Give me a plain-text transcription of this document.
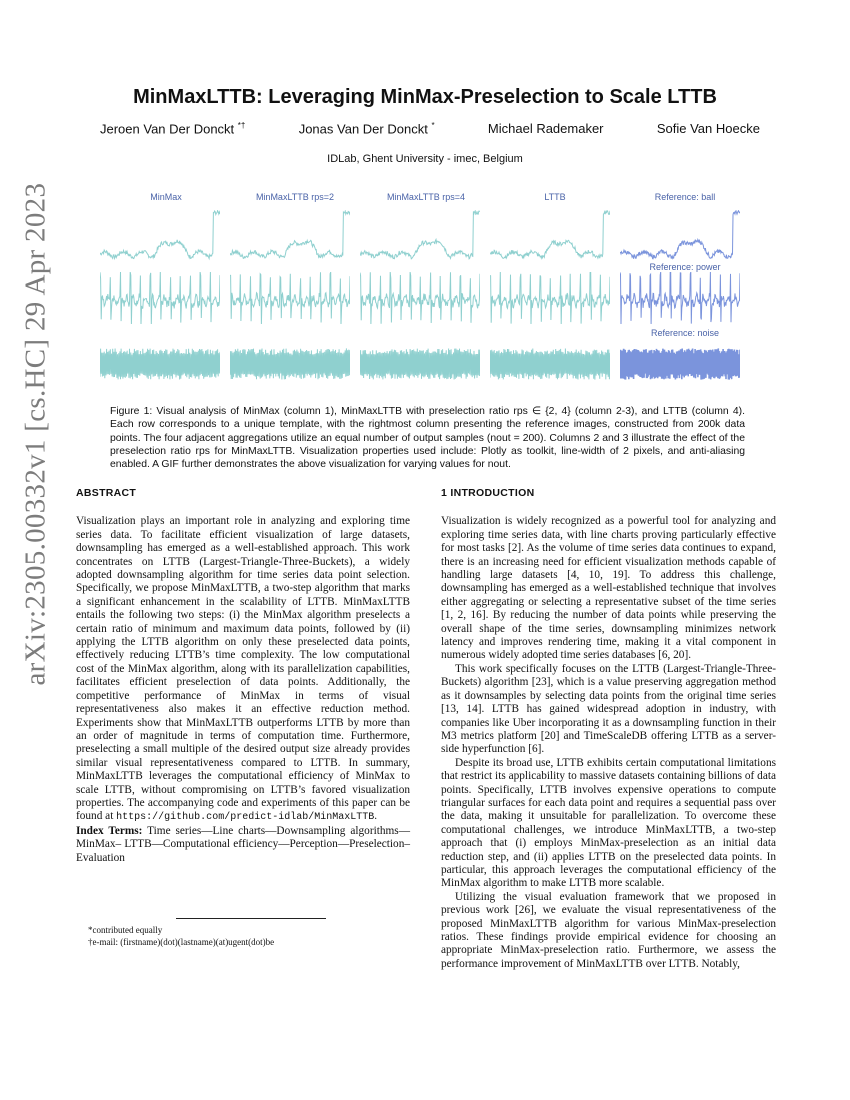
arXiv:2305.00332v1 [cs.HC] 29 Apr 2023
MinMaxLTTB: Leveraging MinMax-Preselection to Scale LTTB
Jeroen Van Der Donckt *†	Jonas Van Der Donckt *	Michael Rademaker	Sofie Van Hoecke
IDLab, Ghent University - imec, Belgium
MinMax	MinMaxLTTB rps=2	MinMaxLTTB rps=4	LTTB	Reference: ball
Reference: power
Reference: noise
Figure 1: Visual analysis of MinMax (column 1), MinMaxLTTB with preselection ratio rps ∈ {2, 4} (column 2-3), and LTTB (column 4). Each row corresponds to a unique template, with the rightmost column presenting the reference images, constructed from 200k data points. The four adjacent aggregations utilize an equal number of output samples (nout = 200). Columns 2 and 3 illustrate the effect of the preselection ratio rps for MinMaxLTTB. Visualization properties used include: Plotly as toolkit, line-width of 2 pixels, and anti-aliasing enabled. A GIF further demonstrates the above visualization for varying values for nout.
ABSTRACT

Visualization plays an important role in analyzing and exploring time series data. To facilitate efficient visualization of large datasets, downsampling has emerged as a well-established approach. This work concentrates on LTTB (Largest-Triangle-Three-Buckets), a widely adopted downsampling algorithm for time series data point selection. Specifically, we propose MinMaxLTTB, a two-step algorithm that marks a significant enhancement in the scalability of LTTB. MinMaxLTTB entails the following two steps: (i) the MinMax algorithm preselects a certain ratio of minimum and maximum data points, followed by (ii) applying the LTTB algorithm on only these preselected data points, effectively reducing LTTB’s time complexity. The low computational cost of the MinMax algorithm, along with its parallelization capabilities, facilitates efficient preselection of data points. Additionally, the competitive performance of MinMax in terms of visual representativeness also makes it an effective reduction method. Experiments show that MinMaxLTTB outperforms LTTB by more than an order of magnitude in terms of computation time. Furthermore, preselecting a small multiple of the desired output size already provides similar visual representativeness compared to LTTB. In summary, MinMaxLTTB leverages the computational efficiency of MinMax to scale LTTB, without compromising on LTTB’s favored visualization properties. The accompanying code and experiments of this paper can be found at https://github.com/predict-idlab/MinMaxLTTB.

Index Terms: Time series—Line charts—Downsampling algorithms—MinMax– LTTB—Computational efficiency—Perception—Preselection– Evaluation

*contributed equally
†e-mail: (firstname)(dot)(lastname)(at)ugent(dot)be
1 INTRODUCTION

Visualization is widely recognized as a powerful tool for analyzing and exploring time series data, with line charts proving particularly effective for most tasks [2]. As the volume of time series data continues to expand, there is an increasing need for efficient visualization methods capable of handling large datasets [4, 10, 19]. To address this challenge, downsampling has emerged as a well-established technique that involves either aggregating or selecting a representative subset of the time series [1, 2, 16]. By reducing the number of data points while preserving the overall shape of the time series, downsampling minimizes network latency and improves rendering time, making it a vital component in numerous widely adopted time series databases [6, 20].

This work specifically focuses on the LTTB (Largest-Triangle-Three-Buckets) algorithm [23], which is a value preserving aggregation method as it downsamples by selecting data points from the original time series [13, 14]. LTTB has gained widespread adoption in industry, with companies like Uber incorporating it as a downsampling function in their M3 metrics platform [20] and TimeScaleDB offering LTTB as a server-side hyperfunction [6].

Despite its broad use, LTTB exhibits certain computational limitations that restrict its applicability to massive datasets containing billions of data points. Specifically, LTTB involves expensive operations to compute triangular surfaces for each data point and requires a sequential pass over the data, making it unsuitable for parallelization. To overcome these computational challenges, we introduce MinMaxLTTB, a two-step approach that (i) employs MinMax-preselection as an initial data reduction step, and (ii) applies LTTB on the preselected data points. In particular, this approach leverages the computational efficiency of the MinMax algorithm to make LTTB more scalable.

Utilizing the visual evaluation framework that we proposed in previous work [26], we evaluate the visual representativeness of the proposed MinMaxLTTB algorithm for various MinMax-preselection ratios. These findings provide empirical evidence for choosing an appropriate MinMax-preselection ratio. Furthermore, we assess the performance improvement of MinMaxLTTB over LTTB. Notably,
